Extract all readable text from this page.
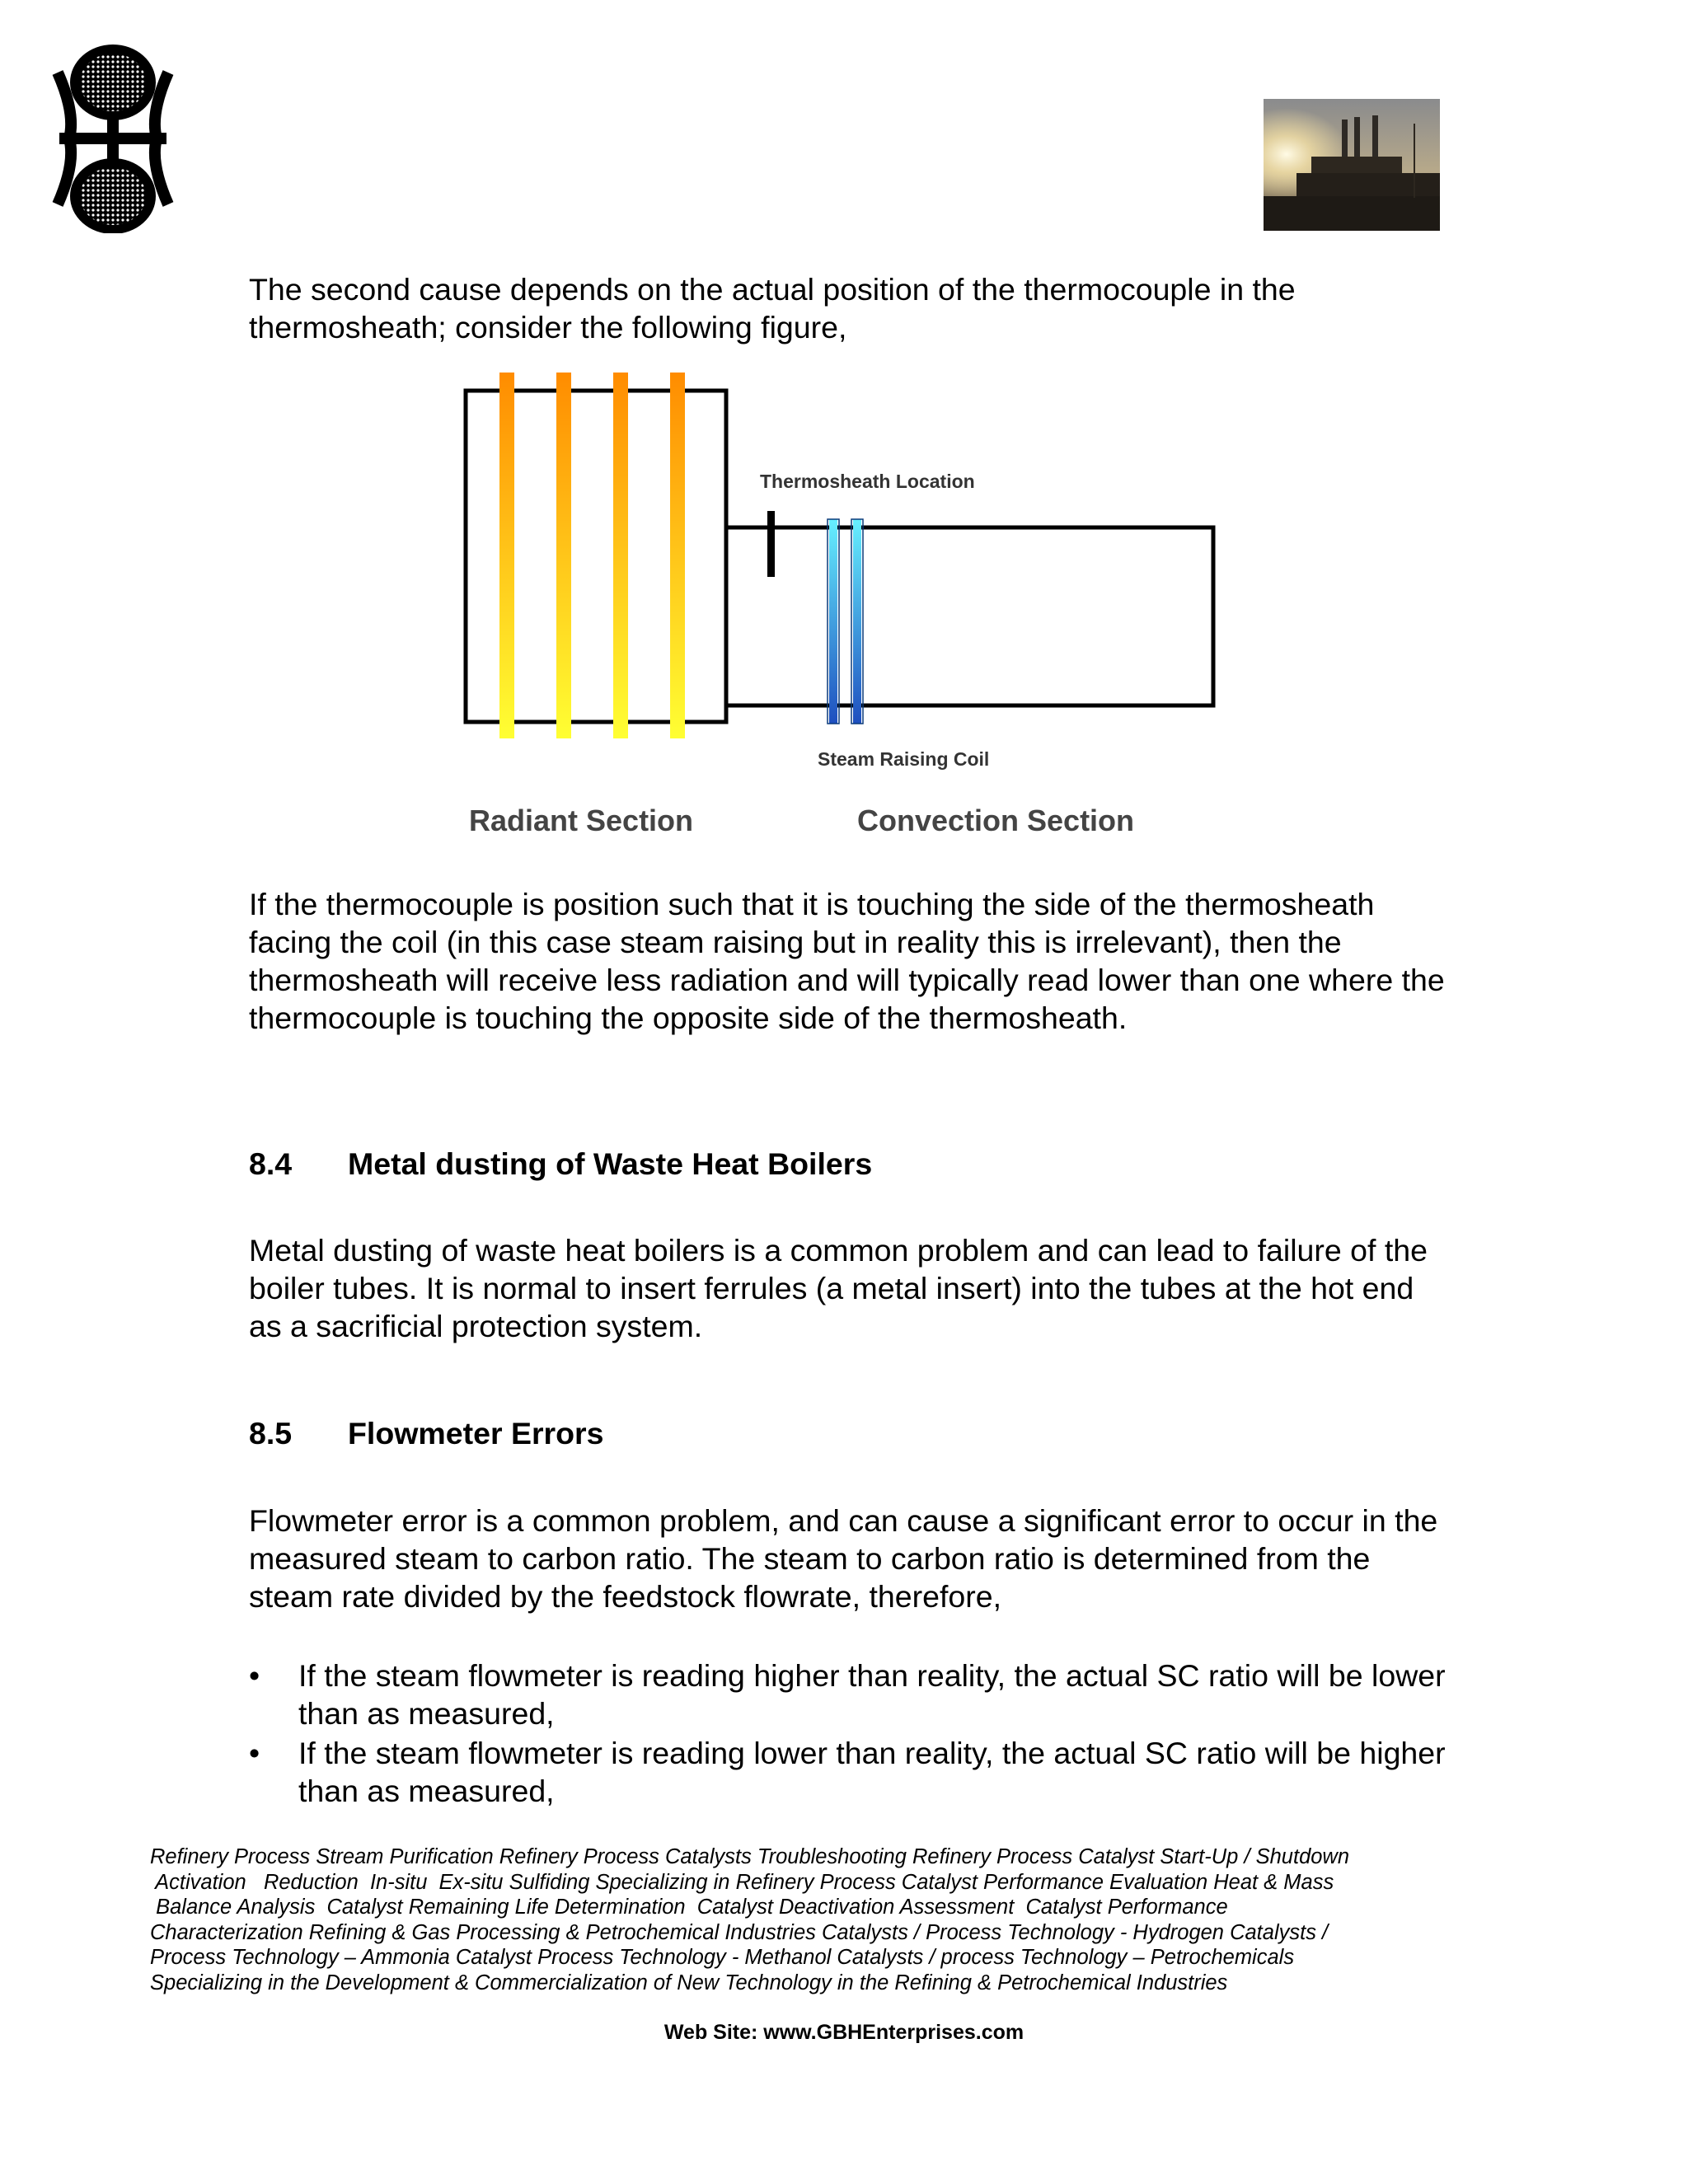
The second cause depends on the actual position of the thermocouple in the thermosheath; consider the following figure,

Thermosheath Location
Steam Raising Coil
Radiant Section	Convection Section

If the thermocouple is position such that it is touching the side of the thermosheath facing the coil (in this case steam raising but in reality this is irrelevant), then the thermosheath will receive less radiation and will typically read lower than one where the thermocouple is touching the opposite side of the thermosheath.

8.4 Metal dusting of Waste Heat Boilers

Metal dusting of waste heat boilers is a common problem and can lead to failure of the boiler tubes. It is normal to insert ferrules (a metal insert) into the tubes at the hot end as a sacrificial protection system.

8.5 Flowmeter Errors

Flowmeter error is a common problem, and can cause a significant error to occur in the measured steam to carbon ratio. The steam to carbon ratio is determined from the steam rate divided by the feedstock flowrate, therefore,

•	If the steam flowmeter is reading higher than reality, the actual SC ratio will be lower than as measured,
•	If the steam flowmeter is reading lower than reality, the actual SC ratio will be higher than as measured,
Refinery Process Stream Purification Refinery Process Catalysts Troubleshooting Refinery Process Catalyst Start-Up / Shutdown
Activation   Reduction  In-situ  Ex-situ Sulfiding Specializing in Refinery Process Catalyst Performance Evaluation Heat & Mass
Balance Analysis  Catalyst Remaining Life Determination  Catalyst Deactivation Assessment  Catalyst Performance
Characterization Refining & Gas Processing & Petrochemical Industries Catalysts / Process Technology - Hydrogen Catalysts /
Process Technology – Ammonia Catalyst Process Technology - Methanol Catalysts / process Technology – Petrochemicals
Specializing in the Development & Commercialization of New Technology in the Refining & Petrochemical Industries
Web Site: www.GBHEnterprises.com
